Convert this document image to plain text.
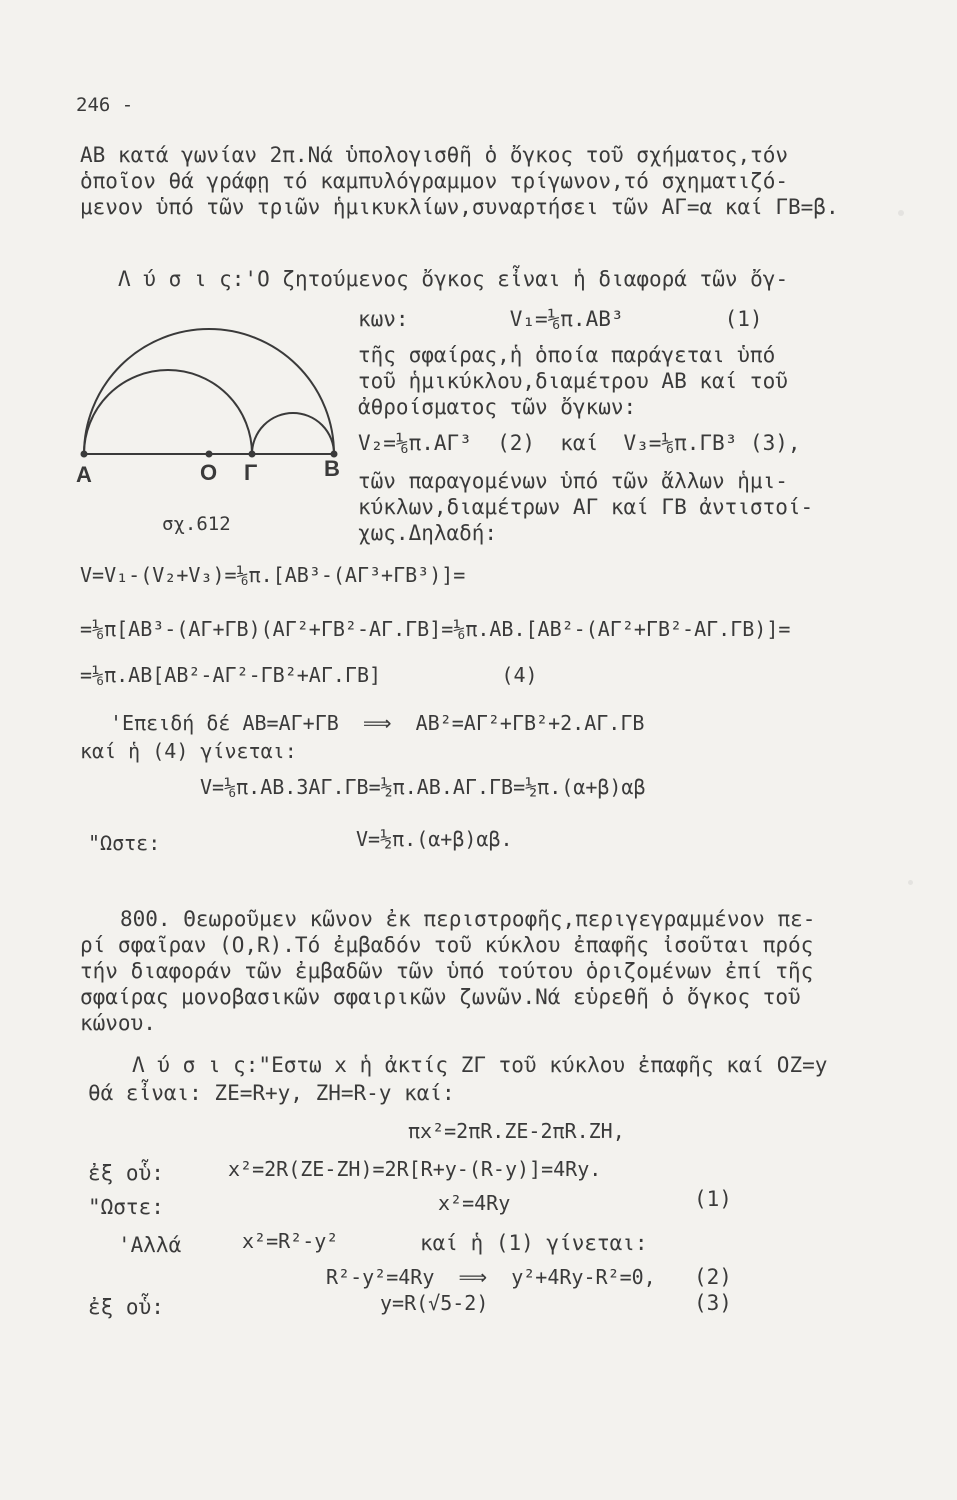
246 -
ΑΒ κατά γωνίαν 2π.Νά ὑπολογισθῆ ὁ ὄγκος τοῦ σχήματος,τόν
ὁποῖον θά γράφῃ τό καμπυλόγραμμον τρίγωνον,τό σχηματιζό-
μενον ὑπό τῶν τριῶν ἡμικυκλίων,συναρτήσει τῶν ΑΓ=α καί ΓΒ=β.
Λ ύ σ ι ς:'Ο ζητούμενος ὄγκος εἶναι ἡ διαφορά τῶν ὄγ-
κων:        V₁=⅙π.ΑΒ³        (1)
τῆς σφαίρας,ἡ ὁποία παράγεται ὑπό
τοῦ ἡμικύκλου,διαμέτρου ΑΒ καί τοῦ
ἀθροίσματος τῶν ὄγκων:
V₂=⅙π.ΑΓ³  (2)  καί  V₃=⅙π.ΓΒ³ (3),
τῶν παραγομένων ὑπό τῶν ἄλλων ἡμι-
κύκλων,διαμέτρων ΑΓ καί ΓΒ ἀντιστοί-
χως.Δηλαδή:
Α	Ο Γ	Β
σχ.612
V=V₁-(V₂+V₃)=⅙π.[ΑΒ³-(ΑΓ³+ΓΒ³)]=
=⅙π[ΑΒ³-(ΑΓ+ΓΒ)(ΑΓ²+ΓΒ²-ΑΓ.ΓΒ]=⅙π.ΑΒ.[ΑΒ²-(ΑΓ²+ΓΒ²-ΑΓ.ΓΒ)]=
=⅙π.ΑΒ[ΑΒ²-ΑΓ²-ΓΒ²+ΑΓ.ΓΒ]          (4)
'Επειδή δέ ΑΒ=ΑΓ+ΓΒ  ⟹  ΑΒ²=ΑΓ²+ΓΒ²+2.ΑΓ.ΓΒ
καί ἡ (4) γίνεται:
V=⅙π.ΑΒ.3ΑΓ.ΓΒ=½π.ΑΒ.ΑΓ.ΓΒ=½π.(α+β)αβ
"Ωστε:	V=½π.(α+β)αβ.
800. Θεωροῦμεν κῶνον ἐκ περιστροφῆς,περιγεγραμμένον πε-
ρί σφαῖραν (Ο,R).Τό ἐμβαδόν τοῦ κύκλου ἐπαφῆς ἰσοῦται πρός
τήν διαφοράν τῶν ἐμβαδῶν τῶν ὑπό τούτου ὁριζομένων ἐπί τῆς
σφαίρας μονοβασικῶν σφαιρικῶν ζωνῶν.Νά εὑρεθῆ ὁ ὄγκος τοῦ
κώνου.
Λ ύ σ ι ς:"Εστω x ἡ ἀκτίς ΖΓ τοῦ κύκλου ἐπαφῆς καί ΟΖ=y
θά εἶναι: ΖΕ=R+y, ΖΗ=R-y καί:
πx²=2πR.ΖΕ-2πR.ΖΗ,
ἐξ οὗ:	x²=2R(ΖΕ-ΖΗ)=2R[R+y-(R-y)]=4Ry.
"Ωστε:	x²=4Ry	(1)
'Αλλά	x²=R²-y²	καί ἡ (1) γίνεται:
R²-y²=4Ry  ⟹  y²+4Ry-R²=0, (2)
ἐξ οὗ:	y=R(√5-2)	(3)
